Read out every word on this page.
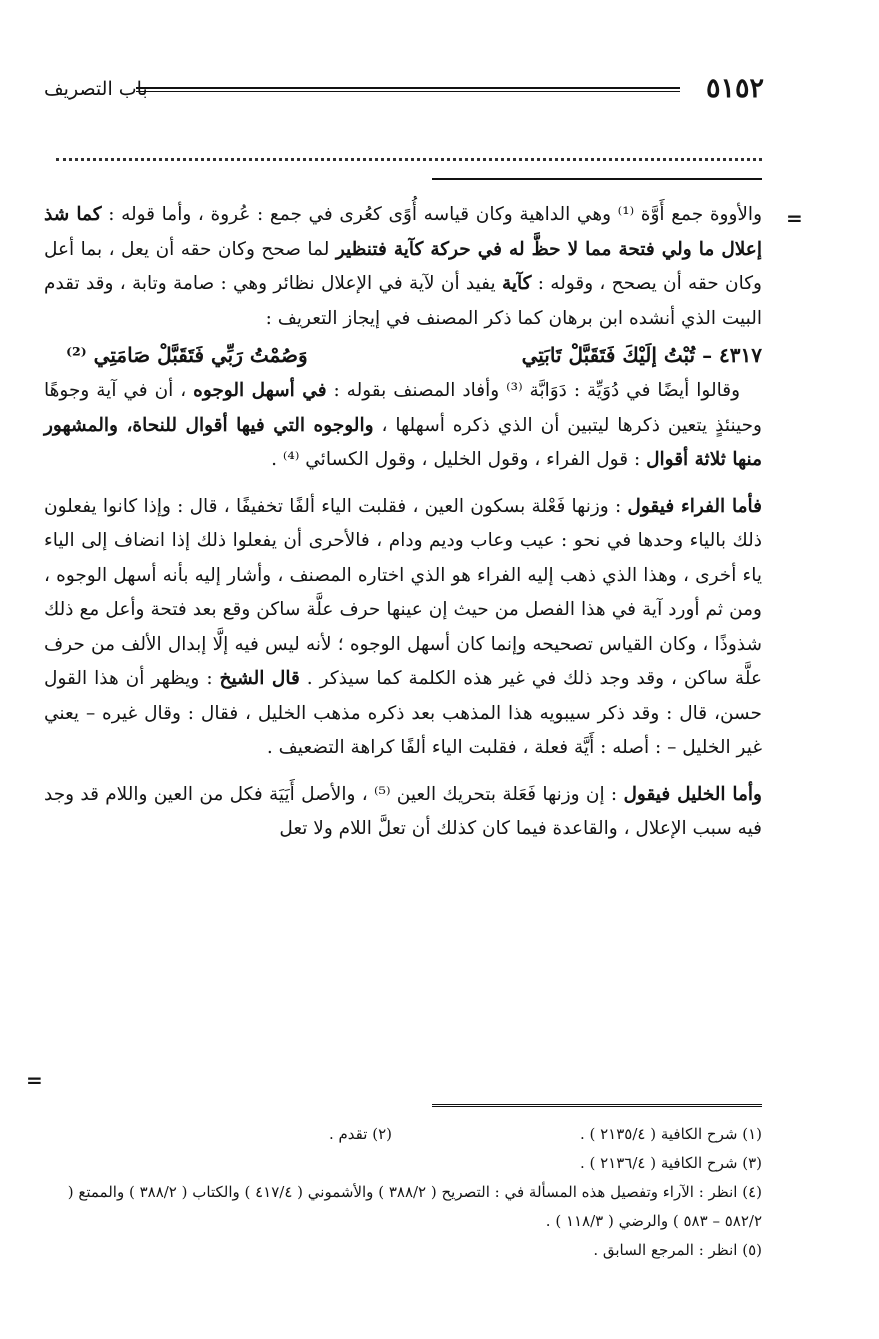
٥١٥٢
باب التصريف
=

والأووة جمع أَوَّة ⁽¹⁾ وهي الداهية وكان قياسه أُوًى كعُرى في جمع : عُروة ، وأما قوله : كما شذ إعلال ما ولي فتحة مما لا حظَّ له في حركة كآية فتنظير لما صحح وكان حقه أن يعل ، بما أعل وكان حقه أن يصحح ، وقوله : كآية يفيد أن لآية في الإعلال نظائر وهي : صامة وتابة ، وقد تقدم البيت الذي أنشده ابن برهان كما ذكر المصنف في إيجاز التعريف :

٤٣١٧ – تُبْتُ إلَيْكَ فَتَقَبَّلْ تَابَتِي
وَصُمْتُ رَبِّي فَتَقَبَّلْ صَامَتِي ⁽²⁾

وقالوا أيضًا في دُوَيِّة : دَوَابَّة ⁽³⁾ وأفاد المصنف بقوله : في أسهل الوجوه ، أن في آية وجوهًا وحينئذٍ يتعين ذكرها ليتبين أن الذي ذكره أسهلها ، والوجوه التي فيها أقوال للنحاة، والمشهور منها ثلاثة أقوال : قول الفراء ، وقول الخليل ، وقول الكسائي ⁽⁴⁾ .

فأما الفراء فيقول : وزنها فَعْلة بسكون العين ، فقلبت الياء ألفًا تخفيفًا ، قال : وإذا كانوا يفعلون ذلك بالياء وحدها في نحو : عيب وعاب وديم ودام ، فالأحرى أن يفعلوا ذلك إذا انضاف إلى الياء ياء أخرى ، وهذا الذي ذهب إليه الفراء هو الذي اختاره المصنف ، وأشار إليه بأنه أسهل الوجوه ، ومن ثم أورد آية في هذا الفصل من حيث إن عينها حرف علَّة ساكن وقع بعد فتحة وأعل مع ذلك شذوذًا ، وكان القياس تصحيحه وإنما كان أسهل الوجوه ؛ لأنه ليس فيه إلَّا إبدال الألف من حرف علَّة ساكن ، وقد وجد ذلك في غير هذه الكلمة كما سيذكر . قال الشيخ : ويظهر أن هذا القول حسن، قال : وقد ذكر سيبويه هذا المذهب بعد ذكره مذهب الخليل ، فقال : وقال غيره – يعني غير الخليل – : أصله : أَيَّة فعلة ، فقلبت الياء ألفًا كراهة التضعيف .

وأما الخليل فيقول : إن وزنها فَعَلة بتحريك العين ⁽⁵⁾ ، والأصل أَيَيَة فكل من العين واللام قد وجد فيه سبب الإعلال ، والقاعدة فيما كان كذلك أن تعلَّ اللام ولا تعل

=
(١) شرح الكافية ( ٢١٣٥/٤ ) .
(٢) تقدم .

(٣) شرح الكافية ( ٢١٣٦/٤ ) .

(٤) انظر : الآراء وتفصيل هذه المسألة في : التصريح ( ٣٨٨/٢ ) والأشموني ( ٤١٧/٤ ) والكتاب ( ٣٨٨/٢ ) والممتع ( ٥٨٢/٢ – ٥٨٣ ) والرضي ( ١١٨/٣ ) .

(٥) انظر : المرجع السابق .
